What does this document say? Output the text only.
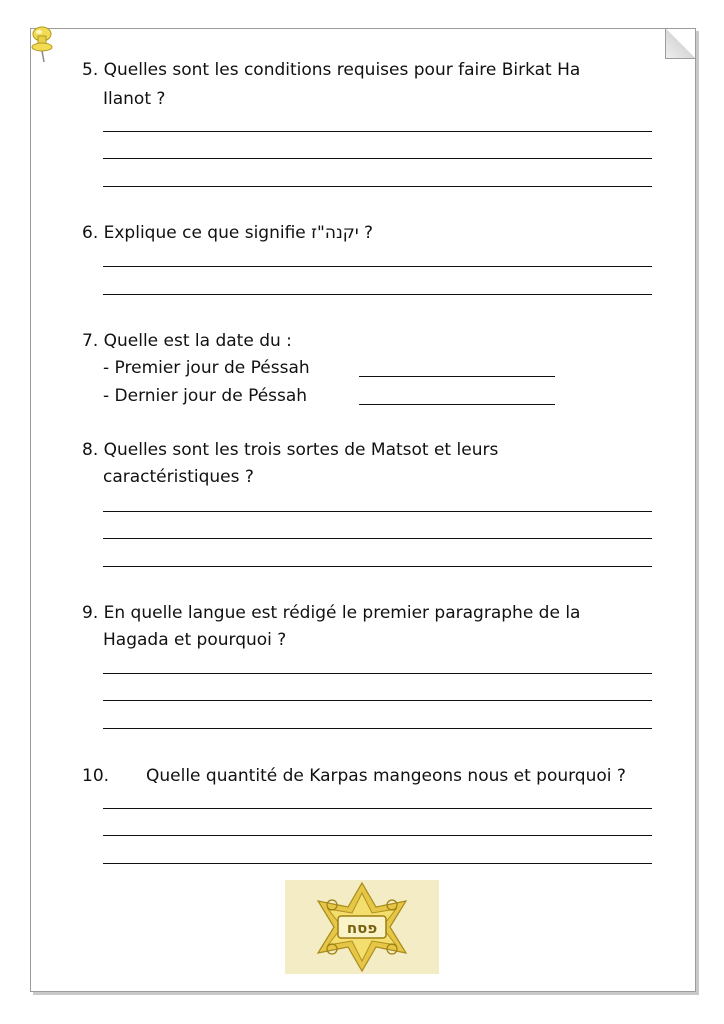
5. Quelles sont les conditions requises pour faire Birkat Ha
Ilanot ?
6. Explique ce que signifie יקנה"ז ?
7. Quelle est la date du :
- Premier jour de Péssah
- Dernier jour de Péssah
8. Quelles sont les trois sortes de Matsot et leurs
caractéristiques ?
9. En quelle langue est rédigé le premier paragraphe de la
Hagada et pourquoi ?
10. Quelle quantité de Karpas mangeons nous et pourquoi ?
פסח
